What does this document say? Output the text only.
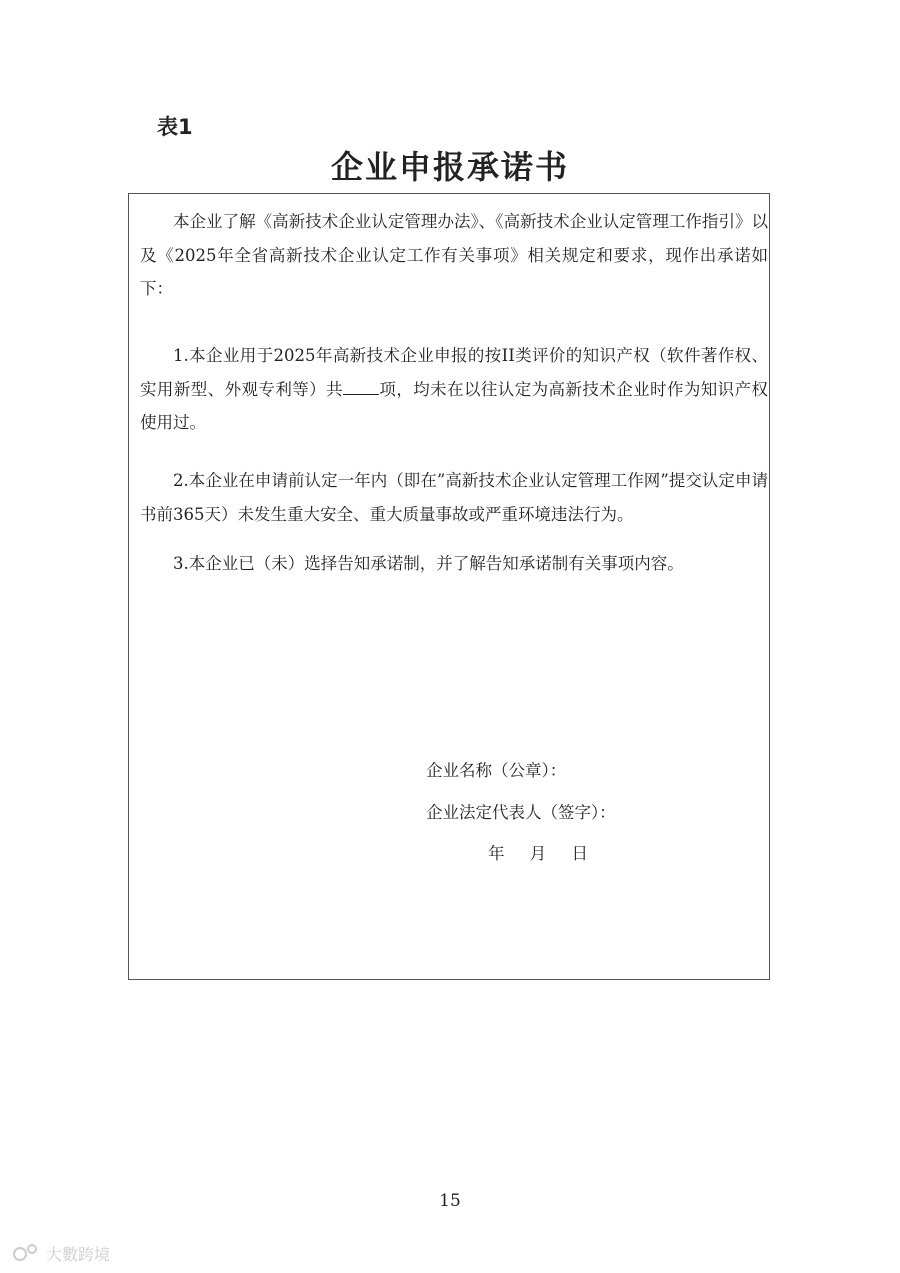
表1
企业申报承诺书

本企业了解《高新技术企业认定管理办法》、《高新技术企业认定管理工作指引》以及《2025年全省高新技术企业认定工作有关事项》相关规定和要求，现作出承诺如下：

1.本企业用于2025年高新技术企业申报的按II类评价的知识产权（软件著作权、实用新型、外观专利等）共 项，均未在以往认定为高新技术企业时作为知识产权使用过。

2.本企业在申请前认定一年内（即在”高新技术企业认定管理工作网”提交认定申请书前365天）未发生重大安全、重大质量事故或严重环境违法行为。

3.本企业已（未）选择告知承诺制，并了解告知承诺制有关事项内容。

企业名称（公章）：
企业法定代表人（签字）：
年 月 日
15
大數跨境
